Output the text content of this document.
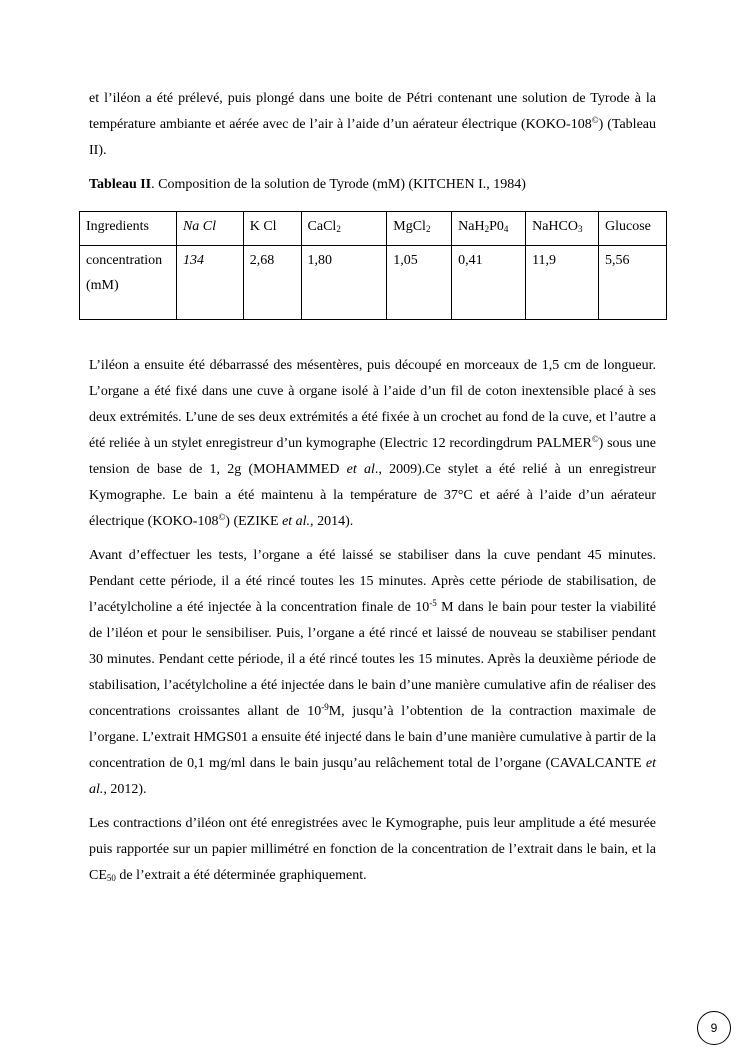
et l’iléon a été prélevé, puis plongé dans une boite de Pétri contenant une solution de Tyrode à la température ambiante et aérée avec de l’air à l’aide d’un aérateur électrique (KOKO-108©) (Tableau II).

Tableau II. Composition de la solution de Tyrode (mM) (KITCHEN I., 1984)

Ingredients	Na Cl	K Cl	CaCl$_2$	MgCl$_2$	$NaH_2P0_4$	NaHCO$_3$	Glucose
concentration (mM)	134	2,68	1,80	1,05	0,41	11,9	5,56

L’iléon a ensuite été débarrassé des mésentères, puis découpé en morceaux de 1,5 cm de longueur. L’organe a été fixé dans une cuve à organe isolé à l’aide d’un fil de coton inextensible placé à ses deux extrémités. L’une de ses deux extrémités a été fixée à un crochet au fond de la cuve, et l’autre a été reliée à un stylet enregistreur d’un kymographe (Electric 12 recordingdrum PALMER©) sous une tension de base de 1, 2g (MOHAMMED et al., 2009).Ce stylet a été relié à un enregistreur Kymographe. Le bain a été maintenu à la température de 37°C et aéré à l’aide d’un aérateur électrique (KOKO-108©) (EZIKE et al., 2014).

Avant d’effectuer les tests, l’organe a été laissé se stabiliser dans la cuve pendant 45 minutes. Pendant cette période, il a été rincé toutes les 15 minutes. Après cette période de stabilisation, de l’acétylcholine a été injectée à la concentration finale de $10^{-5}$ M dans le bain pour tester la viabilité de l’iléon et pour le sensibiliser. Puis, l’organe a été rincé et laissé de nouveau se stabiliser pendant 30 minutes. Pendant cette période, il a été rincé toutes les 15 minutes. Après la deuxième période de stabilisation, l’acétylcholine a été injectée dans le bain d’une manière cumulative afin de réaliser des concentrations croissantes allant de $10^{-9}M$, jusqu’à l’obtention de la contraction maximale de l’organe. L’extrait HMGS01 a ensuite été injecté dans le bain d’une manière cumulative à partir de la concentration de 0,1 mg/ml dans le bain jusqu’au relâchement total de l’organe (CAVALCANTE et al., 2012).

Les contractions d’iléon ont été enregistrées avec le Kymographe, puis leur amplitude a été mesurée puis rapportée sur un papier millimétré en fonction de la concentration de l’extrait dans le bain, et la $CE_{50}$ de l’extrait a été déterminée graphiquement.

9
